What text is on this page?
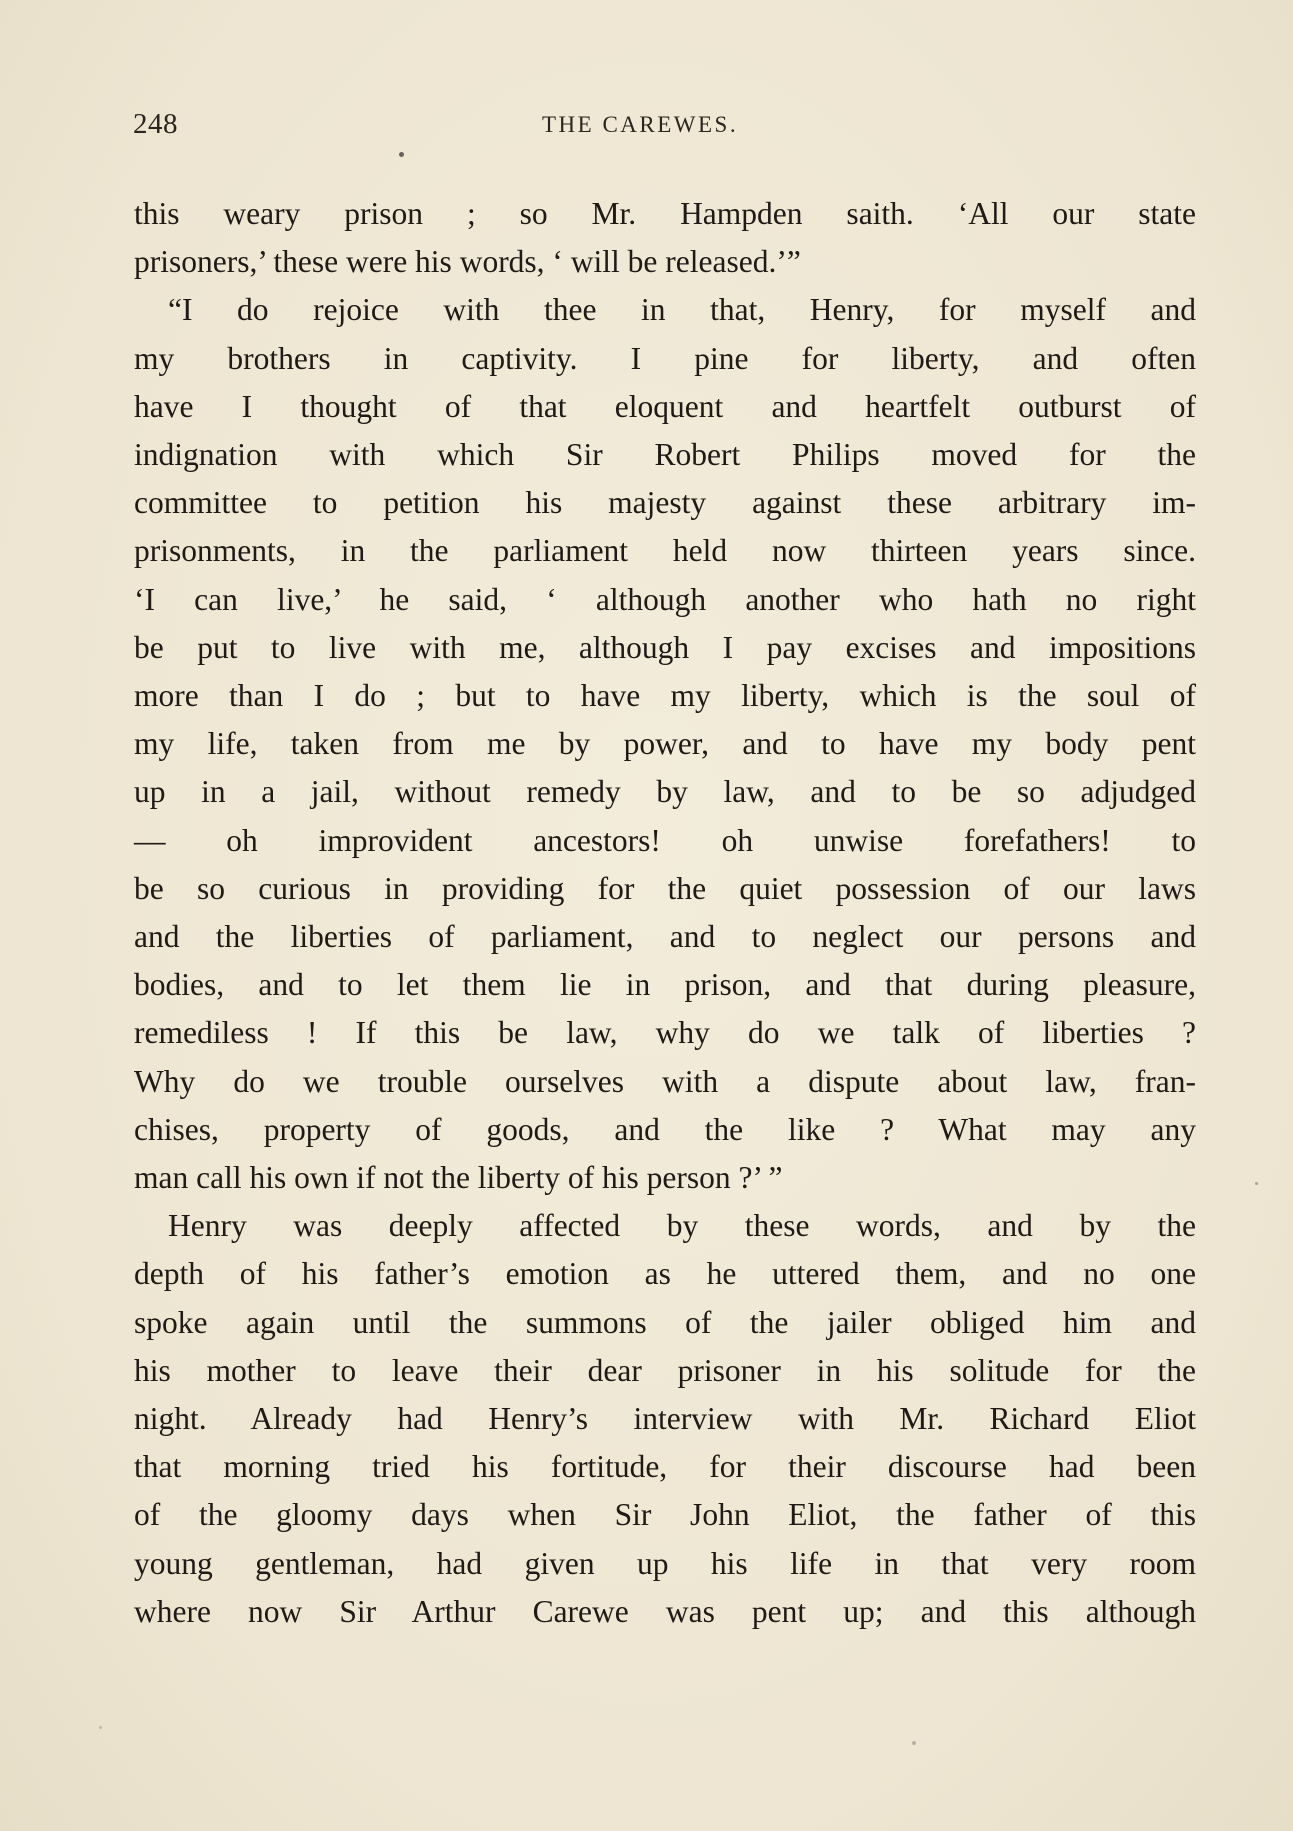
248	THE CAREWES.
this weary prison ; so Mr. Hampden saith. ‘All our state
prisoners,’ these were his words, ‘ will be released.’”
“I do rejoice with thee in that, Henry, for myself and
my brothers in captivity. I pine for liberty, and often
have I thought of that eloquent and heartfelt outburst of
indignation with which Sir Robert Philips moved for the
committee to petition his majesty against these arbitrary im-
prisonments, in the parliament held now thirteen years since.
‘I can live,’ he said, ‘ although another who hath no right
be put to live with me, although I pay excises and impositions
more than I do ; but to have my liberty, which is the soul of
my life, taken from me by power, and to have my body pent
up in a jail, without remedy by law, and to be so adjudged
— oh improvident ancestors! oh unwise forefathers! to
be so curious in providing for the quiet possession of our laws
and the liberties of parliament, and to neglect our persons and
bodies, and to let them lie in prison, and that during pleasure,
remediless ! If this be law, why do we talk of liberties ?
Why do we trouble ourselves with a dispute about law, fran-
chises, property of goods, and the like ? What may any
man call his own if not the liberty of his person ?’ ”
Henry was deeply affected by these words, and by the
depth of his father’s emotion as he uttered them, and no one
spoke again until the summons of the jailer obliged him and
his mother to leave their dear prisoner in his solitude for the
night. Already had Henry’s interview with Mr. Richard Eliot
that morning tried his fortitude, for their discourse had been
of the gloomy days when Sir John Eliot, the father of this
young gentleman, had given up his life in that very room
where now Sir Arthur Carewe was pent up; and this although
